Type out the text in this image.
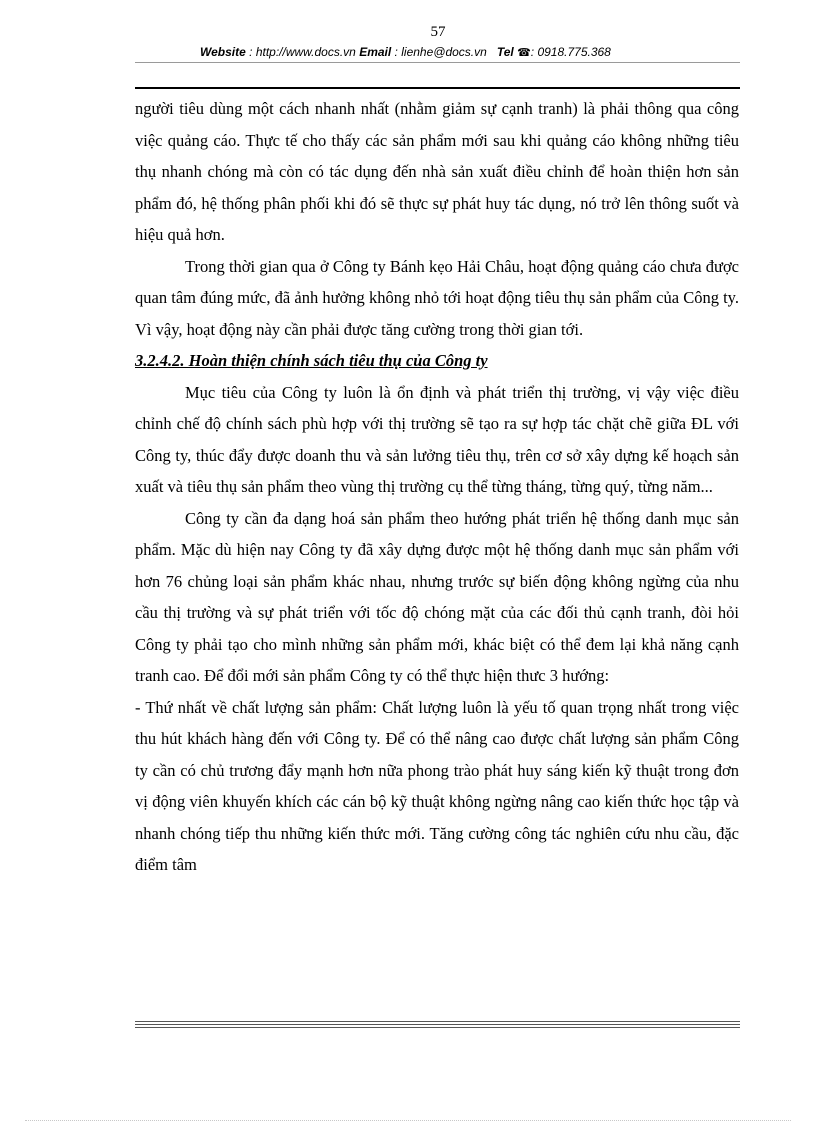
57
Website : http://www.docs.vn Email : lienhe@docs.vn Tel ☎: 0918.775.368

người tiêu dùng một cách nhanh nhất (nhằm giảm sự cạnh tranh) là phải thông qua công việc quảng cáo. Thực tế cho thấy các sản phẩm mới sau khi quảng cáo không những tiêu thụ nhanh chóng mà còn có tác dụng đến nhà sản xuất điều chỉnh để hoàn thiện hơn sản phẩm đó, hệ thống phân phối khi đó sẽ thực sự phát huy tác dụng, nó trở lên thông suốt và hiệu quả hơn.

Trong thời gian qua ở Công ty Bánh kẹo Hải Châu, hoạt động quảng cáo chưa được quan tâm đúng mức, đã ảnh hưởng không nhỏ tới hoạt động tiêu thụ sản phẩm của Công ty. Vì vậy, hoạt động này cần phải được tăng cường trong thời gian tới.

3.2.4.2. Hoàn thiện chính sách tiêu thụ của Công ty

Mục tiêu của Công ty luôn là ổn định và phát triển thị trường, vị vậy việc điều chỉnh chế độ chính sách phù hợp với thị trường sẽ tạo ra sự hợp tác chặt chẽ giữa ĐL với Công ty, thúc đẩy được doanh thu và sản lưởng tiêu thụ, trên cơ sở xây dựng kế hoạch sản xuất và tiêu thụ sản phẩm theo vùng thị trường cụ thể từng tháng, từng quý, từng năm...

Công ty cần đa dạng hoá sản phẩm theo hướng phát triển hệ thống danh mục sản phẩm. Mặc dù hiện nay Công ty đã xây dựng được một hệ thống danh mục sản phẩm với hơn 76 chủng loại sản phẩm khác nhau, nhưng trước sự biến động không ngừng của nhu cầu thị trường và sự phát triển với tốc độ chóng mặt của các đối thủ cạnh tranh, đòi hỏi Công ty phải tạo cho mình những sản phẩm mới, khác biệt có thể đem lại khả năng cạnh tranh cao. Để đổi mới sản phẩm Công ty có thể thực hiện thưc 3 hướng:

- Thứ nhất về chất lượng sản phẩm: Chất lượng luôn là yếu tố quan trọng nhất trong việc thu hút khách hàng đến với Công ty. Để có thể nâng cao được chất lượng sản phẩm Công ty cần có chủ trương đẩy mạnh hơn nữa phong trào phát huy sáng kiến kỹ thuật trong đơn vị động viên khuyến khích các cán bộ kỹ thuật không ngừng nâng cao kiến thức học tập và nhanh chóng tiếp thu những kiến thức mới. Tăng cường công tác nghiên cứu nhu cầu, đặc điểm tâm
